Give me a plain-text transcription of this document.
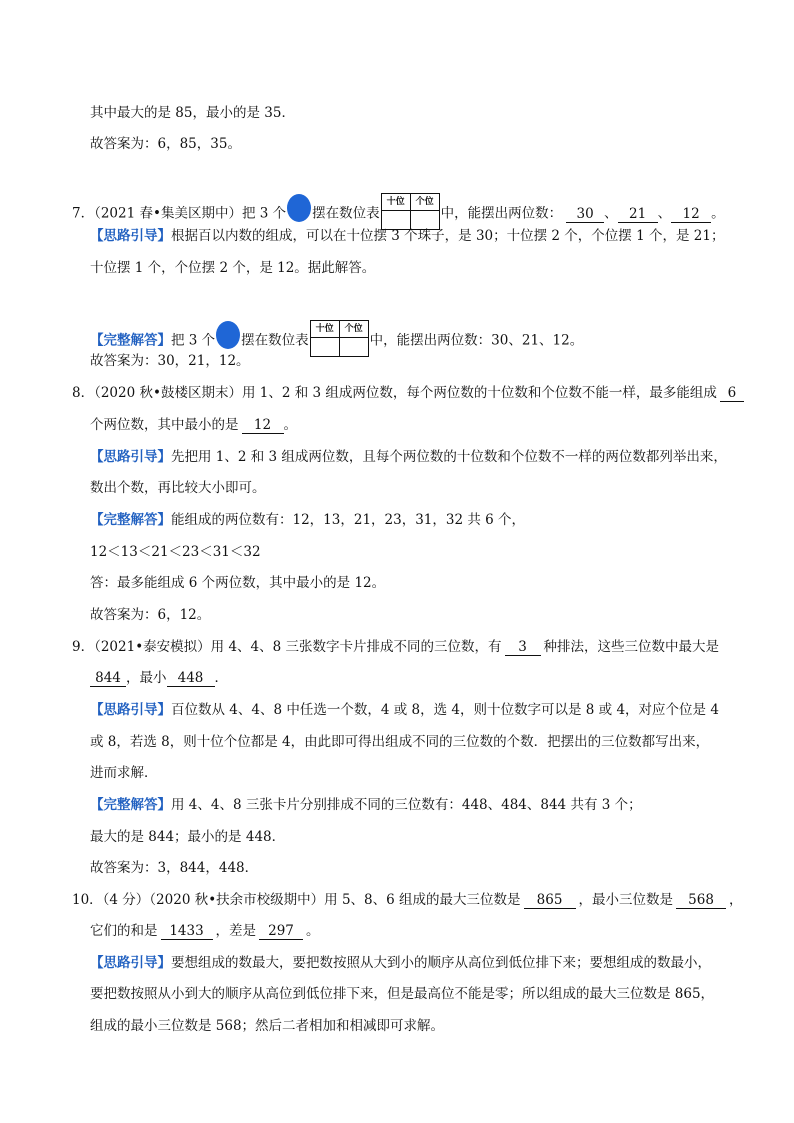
其中最大的是 85，最小的是 35．
故答案为：6，85，35。
7．（2021 春•集美区期中）把 3 个 摆在数位表
十位	个位

中，能摆出两位数： 30 、 21 、 12 。
【思路引导】根据百以内数的组成，可以在十位摆 3 个珠子，是 30；十位摆 2 个，个位摆 1 个，是 21；
十位摆 1 个，个位摆 2 个，是 12。据此解答。
【完整解答】把 3 个 摆在数位表
十位	个位

中，能摆出两位数：30、21、12。
故答案为：30，21，12。
8．（2020 秋•鼓楼区期末）用 1、2 和 3 组成两位数，每个两位数的十位数和个位数不能一样，最多能组成 6
个两位数，其中最小的是 12 。
【思路引导】先把用 1、2 和 3 组成两位数，且每个两位数的十位数和个位数不一样的两位数都列举出来，
数出个数，再比较大小即可。
【完整解答】能组成的两位数有：12，13，21，23，31，32 共 6 个，
12＜13＜21＜23＜31＜32
答：最多能组成 6 个两位数，其中最小的是 12。
故答案为：6，12。
9．（2021•泰安模拟）用 4、4、8 三张数字卡片排成不同的三位数，有 3 种排法，这些三位数中最大是
844 ，最小 448 ．
【思路引导】百位数从 4、4、8 中任选一个数，4 或 8，选 4，则十位数字可以是 8 或 4，对应个位是 4
或 8，若选 8，则十位个位都是 4，由此即可得出组成不同的三位数的个数．把摆出的三位数都写出来，
进而求解．
【完整解答】用 4、4、8 三张卡片分别排成不同的三位数有：448、484、844 共有 3 个；
最大的是 844；最小的是 448．
故答案为：3，844，448．
10．（4 分）（2020 秋•扶余市校级期中）用 5、8、6 组成的最大三位数是 865 ，最小三位数是 568 ，
它们的和是 1433 ，差是 297 。
【思路引导】要想组成的数最大，要把数按照从大到小的顺序从高位到低位排下来；要想组成的数最小，
要把数按照从小到大的顺序从高位到低位排下来，但是最高位不能是零；所以组成的最大三位数是 865，
组成的最小三位数是 568；然后二者相加和相减即可求解。
